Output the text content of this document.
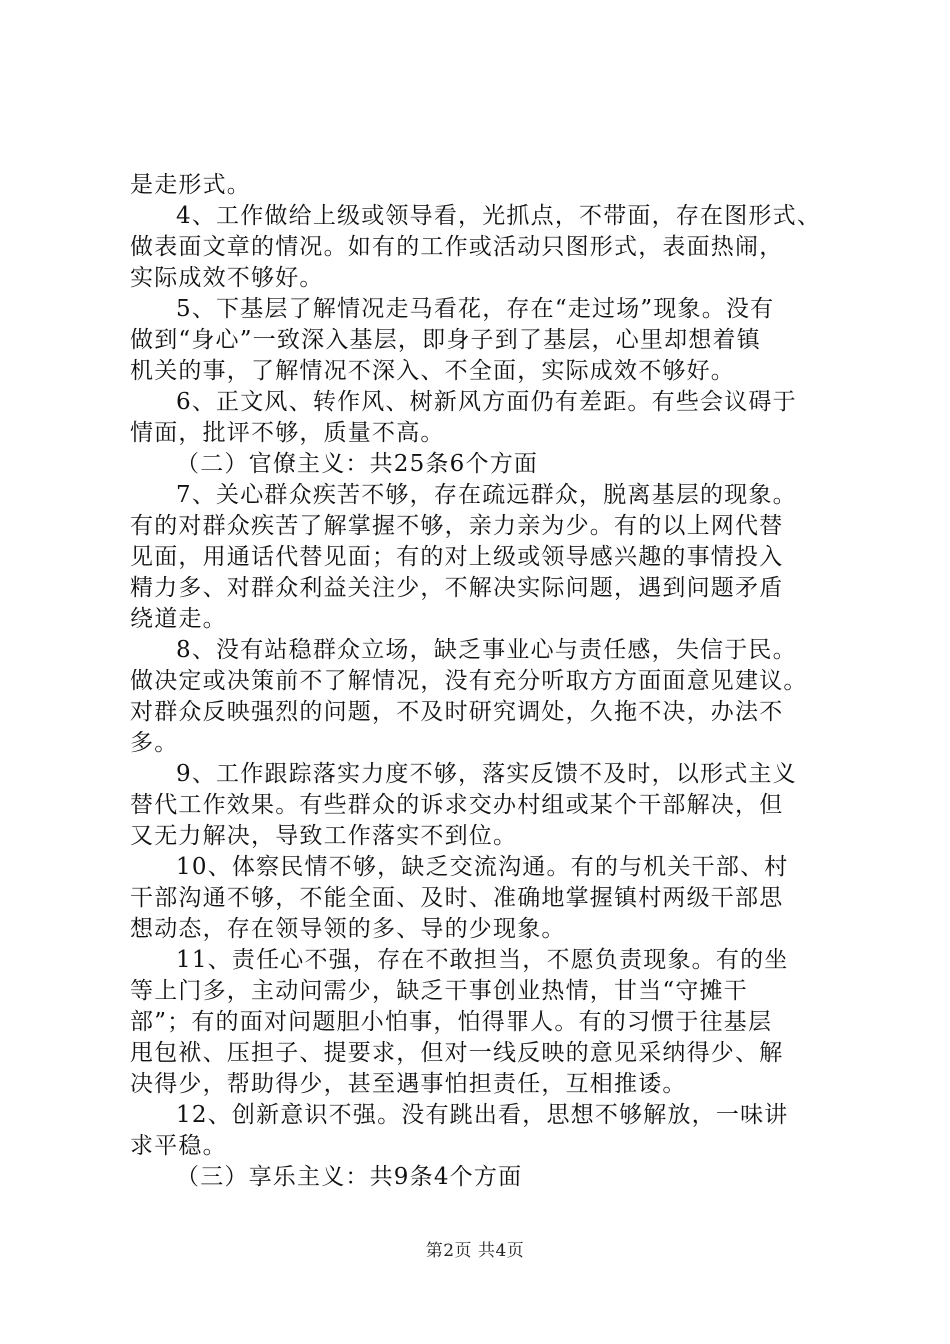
是走形式。
4、工作做给上级或领导看，光抓点，不带面，存在图形式、
做表面文章的情况。如有的工作或活动只图形式，表面热闹，
实际成效不够好。
5、下基层了解情况走马看花，存在“走过场”现象。没有
做到“身心”一致深入基层，即身子到了基层，心里却想着镇
机关的事，了解情况不深入、不全面，实际成效不够好。
6、正文风、转作风、树新风方面仍有差距。有些会议碍于
情面，批评不够，质量不高。
（二）官僚主义：共25条6个方面
7、关心群众疾苦不够，存在疏远群众，脱离基层的现象。
有的对群众疾苦了解掌握不够，亲力亲为少。有的以上网代替
见面，用通话代替见面；有的对上级或领导感兴趣的事情投入
精力多、对群众利益关注少，不解决实际问题，遇到问题矛盾
绕道走。
8、没有站稳群众立场，缺乏事业心与责任感，失信于民。
做决定或决策前不了解情况，没有充分听取方方面面意见建议。
对群众反映强烈的问题，不及时研究调处，久拖不决，办法不
多。
9、工作跟踪落实力度不够，落实反馈不及时，以形式主义
替代工作效果。有些群众的诉求交办村组或某个干部解决，但
又无力解决，导致工作落实不到位。
10、体察民情不够，缺乏交流沟通。有的与机关干部、村
干部沟通不够，不能全面、及时、准确地掌握镇村两级干部思
想动态，存在领导领的多、导的少现象。
11、责任心不强，存在不敢担当，不愿负责现象。有的坐
等上门多，主动问需少，缺乏干事创业热情，甘当“守摊干
部”；有的面对问题胆小怕事，怕得罪人。有的习惯于往基层
甩包袱、压担子、提要求，但对一线反映的意见采纳得少、解
决得少，帮助得少，甚至遇事怕担责任，互相推诿。
12、创新意识不强。没有跳出看，思想不够解放，一味讲
求平稳。
（三）享乐主义：共9条4个方面
第2页 共4页
